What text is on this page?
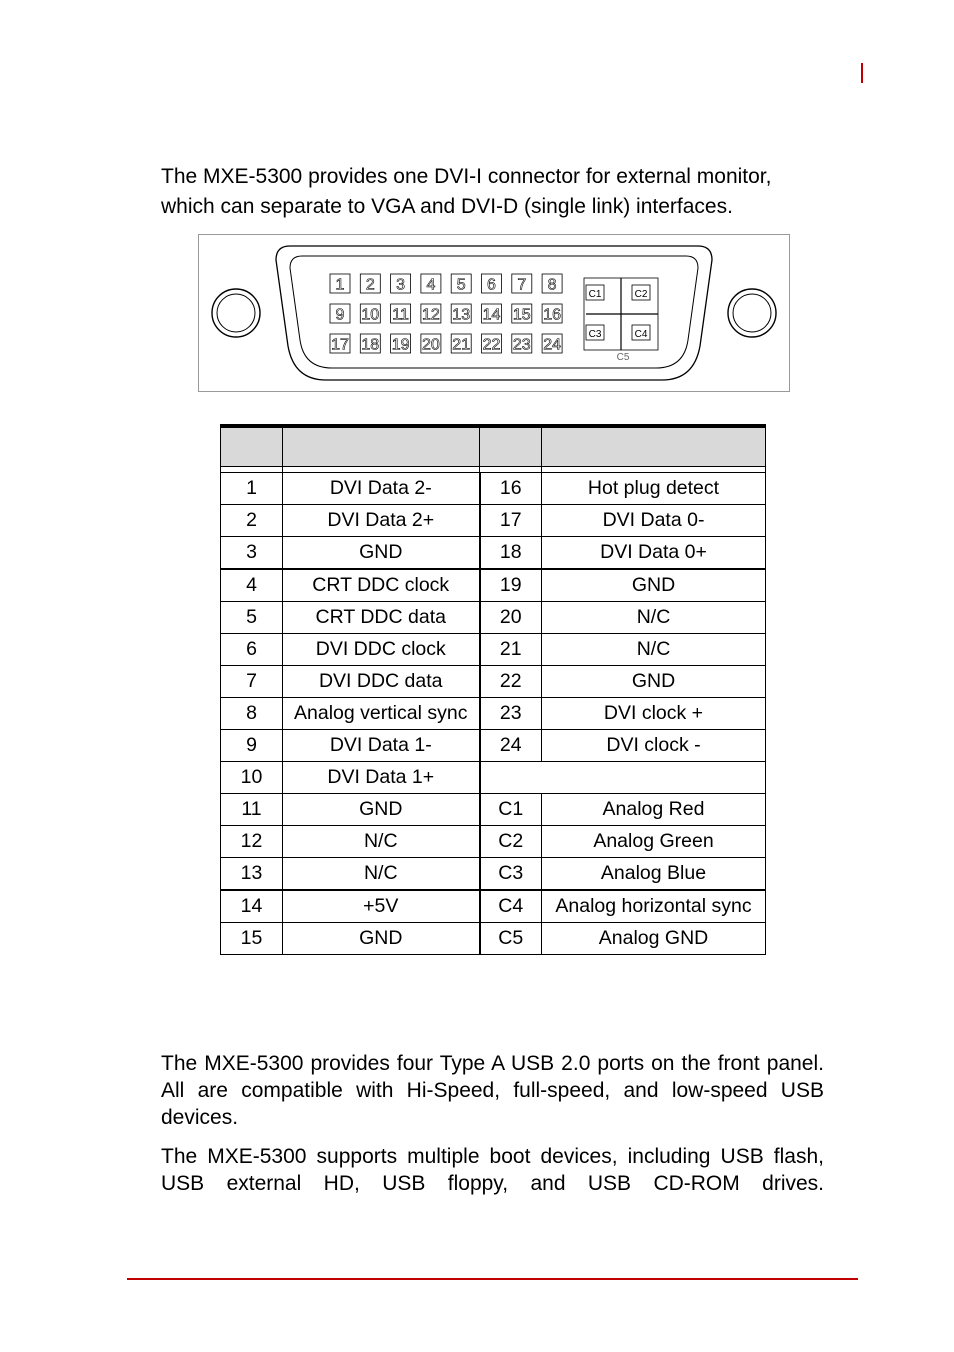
The MXE-5300 provides one DVI-I connector for external monitor, which can separate to VGA and DVI-D (single link) interfaces.

1 2 3 4 5 6 7 8
9 10 11 12 13 14 15 16
17 18 19 20 21 22 23 24
C1	C2
C3	C4
C5

1	DVI Data 2-	16	Hot plug detect
2	DVI Data 2+	17	DVI Data 0-
3	GND	18	DVI Data 0+
4	CRT DDC clock	19	GND
5	CRT DDC data	20	N/C
6	DVI DDC clock	21	N/C
7	DVI DDC data	22	GND
8	Analog vertical sync	23	DVI clock +
9	DVI Data 1-	24	DVI clock -
10	DVI Data 1+		
11	GND	C1	Analog Red
12	N/C	C2	Analog Green
13	N/C	C3	Analog Blue
14	+5V	C4	Analog horizontal sync
15	GND	C5	Analog GND

The MXE-5300 provides four Type A USB 2.0 ports on the front panel. All are compatible with Hi-Speed, full-speed, and low-speed USB devices.

The MXE-5300 supports multiple boot devices, including USB flash, USB external HD, USB floppy, and USB CD-ROM drives.
